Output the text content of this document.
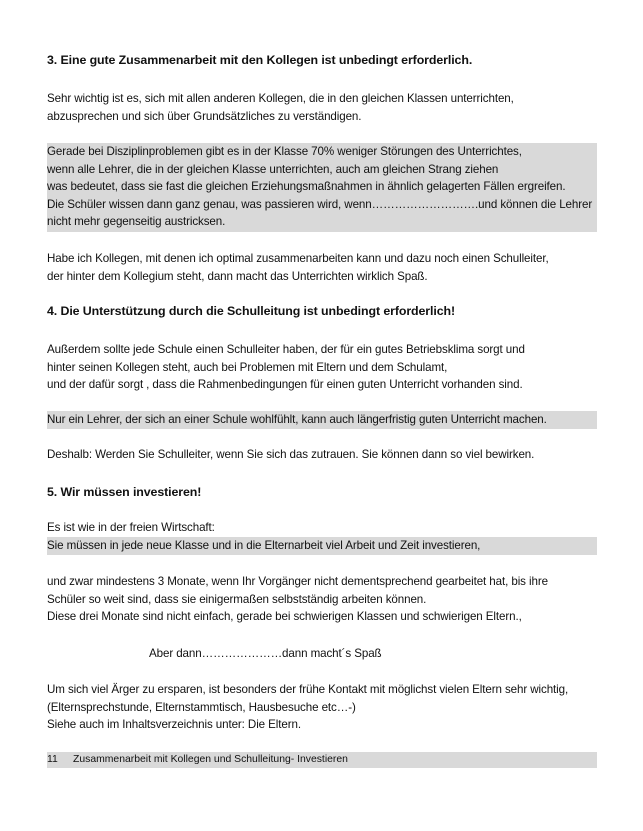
3. Eine gute Zusammenarbeit mit den Kollegen ist unbedingt erforderlich.
Sehr wichtig ist es, sich mit allen anderen Kollegen, die in den gleichen Klassen unterrichten,
abzusprechen und sich über Grundsätzliches zu verständigen.
Gerade bei Disziplinproblemen gibt es in der Klasse 70% weniger Störungen des Unterrichtes,
wenn alle Lehrer, die in der gleichen Klasse unterrichten, auch am gleichen Strang ziehen
was bedeutet, dass sie fast die gleichen Erziehungsmaßnahmen in ähnlich gelagerten Fällen ergreifen.
Die Schüler wissen dann ganz genau, was passieren wird, wenn……………………….und können die Lehrer
nicht mehr gegenseitig austricksen.
Habe ich Kollegen, mit denen ich optimal zusammenarbeiten kann und dazu noch einen Schulleiter,
der hinter dem Kollegium steht, dann macht das Unterrichten wirklich Spaß.
4. Die Unterstützung durch die Schulleitung ist unbedingt erforderlich!
Außerdem sollte jede Schule einen Schulleiter haben, der für ein gutes Betriebsklima sorgt und
hinter seinen Kollegen steht, auch bei Problemen mit Eltern und dem Schulamt,
und der dafür sorgt , dass die Rahmenbedingungen für einen guten Unterricht vorhanden sind.
Nur ein Lehrer, der sich an einer Schule wohlfühlt, kann auch längerfristig guten Unterricht machen.
Deshalb: Werden Sie Schulleiter, wenn Sie sich das zutrauen. Sie können dann so viel bewirken.
5. Wir müssen investieren!
Es ist wie in der freien Wirtschaft:
Sie müssen in jede neue Klasse und in die Elternarbeit viel Arbeit und Zeit investieren,
und zwar mindestens 3 Monate, wenn Ihr Vorgänger nicht dementsprechend gearbeitet hat, bis ihre
Schüler so weit sind, dass sie einigermaßen selbstständig arbeiten können.
Diese drei Monate sind nicht einfach, gerade bei schwierigen Klassen und schwierigen Eltern.,
Aber dann…………………dann macht´s Spaß
Um sich viel Ärger zu ersparen, ist besonders der frühe Kontakt mit möglichst vielen Eltern sehr wichtig,
(Elternsprechstunde, Elternstammtisch, Hausbesuche etc…-)
Siehe auch im Inhaltsverzeichnis unter: Die Eltern.
11 Zusammenarbeit mit Kollegen und Schulleitung- Investieren
